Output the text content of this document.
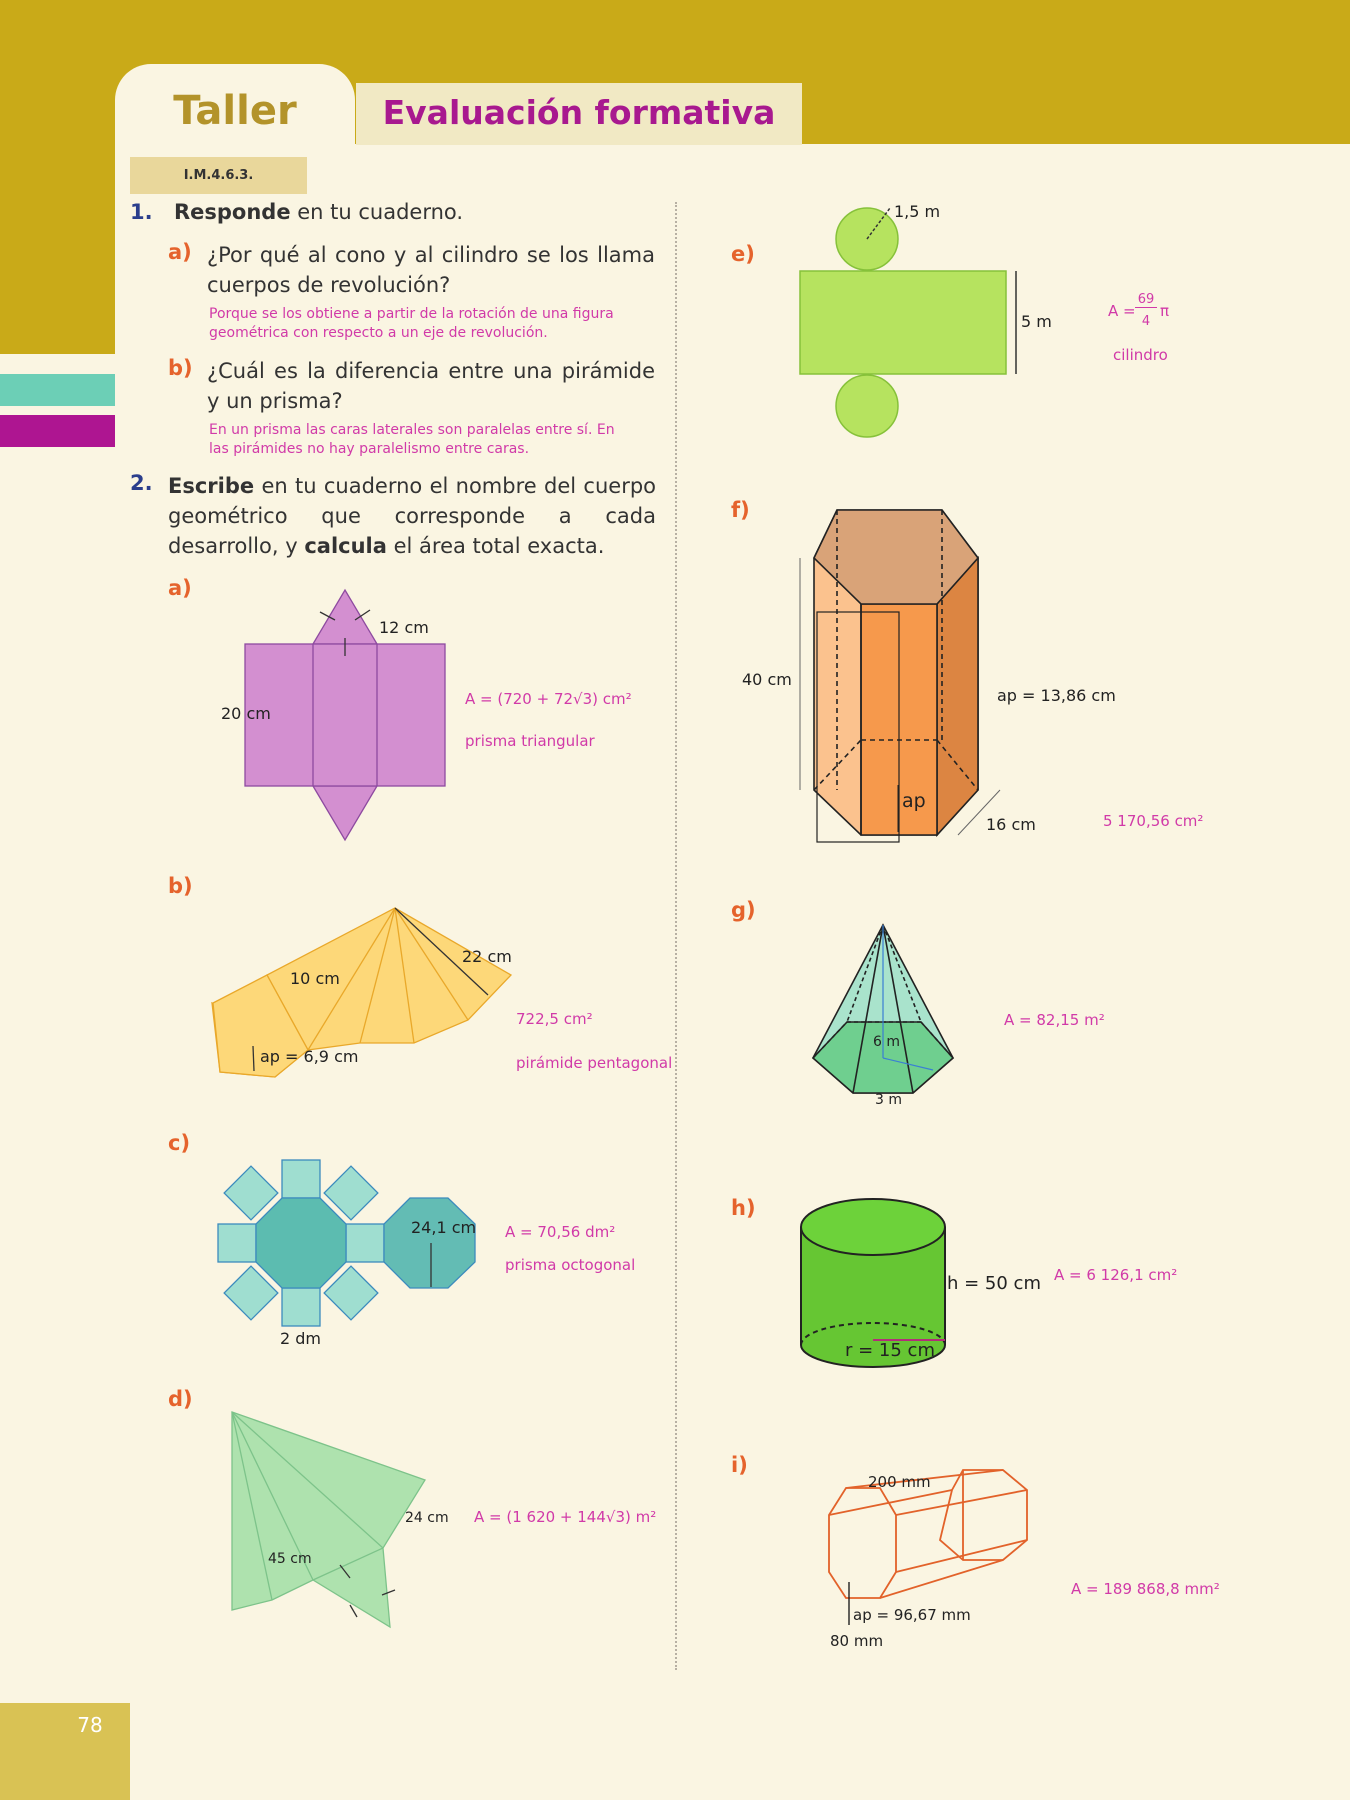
Taller	Evaluación formativa
I.M.4.6.3.
78
1. Responde en tu cuaderno.
a) ¿Por qué al cono y al cilindro se los llama cuerpos de revolución?
Porque se los obtiene a partir de la rotación de una figura geométrica con respecto a un eje de revolución.
b) ¿Cuál es la diferencia entre una pirámide y un prisma?
En un prisma las caras laterales son paralelas entre sí. En las pirámides no hay paralelismo entre caras.
2. Escribe en tu cuaderno el nombre del cuerpo geométrico que corresponde a cada desarrollo, y calcula el área total exacta.
a)
b)
c)
d)
e)
f)
g)
h)
i)
12 cm
20 cm
A = (720 + 72√3) cm²
prisma triangular
22 cm
10 cm
ap = 6,9 cm
722,5 cm²
pirámide pentagonal
24,1 cm
2 dm
A = 70,56 dm²
prisma octogonal
24 cm
45 cm
A = (1 620 + 144√3) m²
1,5 m
5 m
A =
69
4
π
cilindro
40 cm
ap = 13,86 cm
ap
16 cm	5 170,56 cm²
6 m
3 m
A = 82,15 m²
h = 50 cm
r = 15 cm
A = 6 126,1 cm²
200 mm
ap = 96,67 mm
80 mm
A = 189 868,8 mm²
